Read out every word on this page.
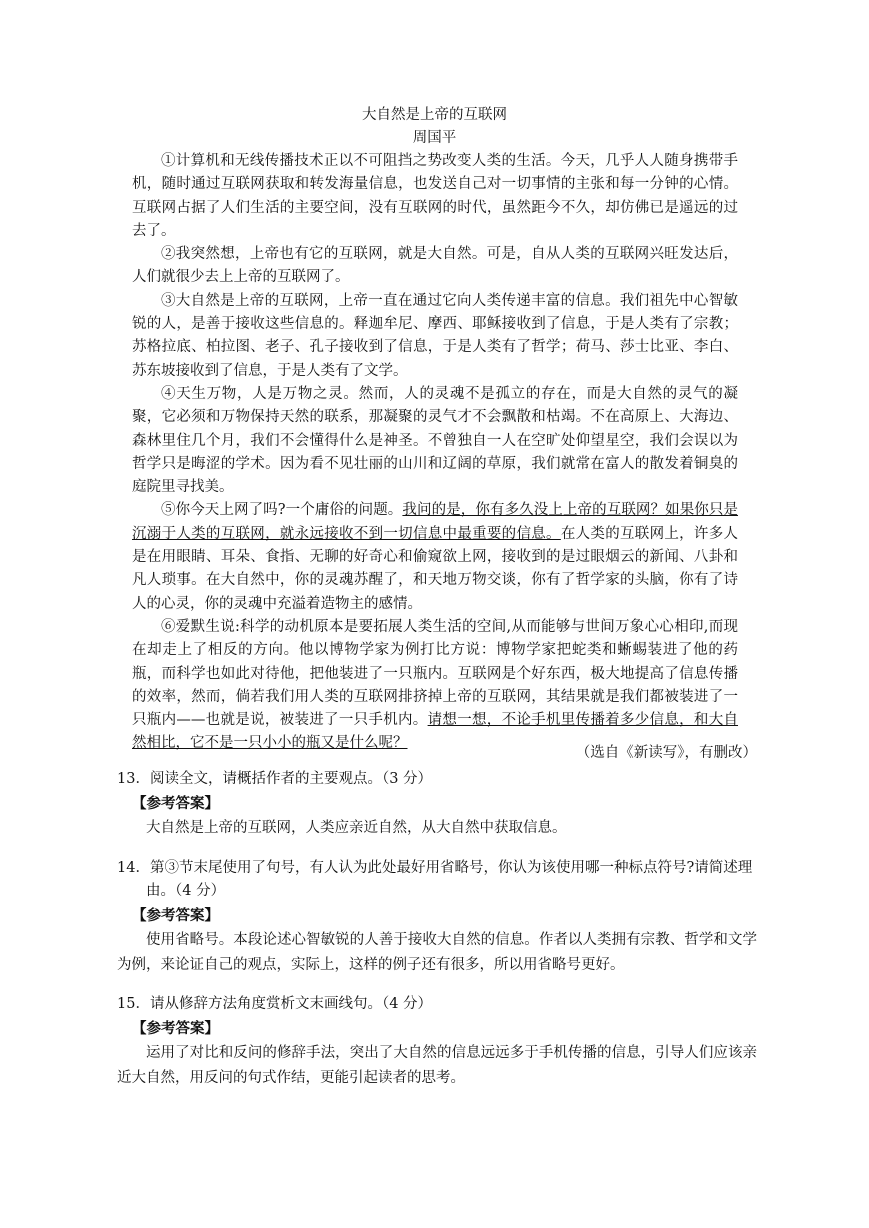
大自然是上帝的互联网
周国平

①计算机和无线传播技术正以不可阻挡之势改变人类的生活。今天，几乎人人随身携带手机，随时通过互联网获取和转发海量信息，也发送自己对一切事情的主张和每一分钟的心情。互联网占据了人们生活的主要空间，没有互联网的时代，虽然距今不久，却仿佛已是遥远的过去了。

②我突然想，上帝也有它的互联网，就是大自然。可是，自从人类的互联网兴旺发达后，人们就很少去上上帝的互联网了。

③大自然是上帝的互联网，上帝一直在通过它向人类传递丰富的信息。我们祖先中心智敏锐的人，是善于接收这些信息的。释迦牟尼、摩西、耶稣接收到了信息，于是人类有了宗教；苏格拉底、柏拉图、老子、孔子接收到了信息，于是人类有了哲学；荷马、莎士比亚、李白、苏东坡接收到了信息，于是人类有了文学。

④天生万物，人是万物之灵。然而，人的灵魂不是孤立的存在，而是大自然的灵气的凝聚，它必须和万物保持天然的联系，那凝聚的灵气才不会飘散和枯竭。不在高原上、大海边、森林里住几个月，我们不会懂得什么是神圣。不曾独自一人在空旷处仰望星空，我们会误以为哲学只是晦涩的学术。因为看不见壮丽的山川和辽阔的草原，我们就常在富人的散发着铜臭的庭院里寻找美。

⑤你今天上网了吗?一个庸俗的问题。我问的是，你有多久没上上帝的互联网？如果你只是沉溺于人类的互联网，就永远接收不到一切信息中最重要的信息。在人类的互联网上，许多人是在用眼睛、耳朵、食指、无聊的好奇心和偷窥欲上网，接收到的是过眼烟云的新闻、八卦和凡人琐事。在大自然中，你的灵魂苏醒了，和天地万物交谈，你有了哲学家的头脑，你有了诗人的心灵，你的灵魂中充溢着造物主的感情。

⑥爱默生说:科学的动机原本是要拓展人类生活的空间,从而能够与世间万象心心相印,而现在却走上了相反的方向。他以博物学家为例打比方说：博物学家把蛇类和蜥蜴装进了他的药瓶，而科学也如此对待他，把他装进了一只瓶内。互联网是个好东西，极大地提高了信息传播的效率，然而，倘若我们用人类的互联网排挤掉上帝的互联网，其结果就是我们都被装进了一只瓶内——也就是说，被装进了一只手机内。请想一想，不论手机里传播着多少信息，和大自然相比，它不是一只小小的瓶又是什么呢？

（选自《新读写》，有删改）

13．阅读全文，请概括作者的主要观点。（3 分）

【参考答案】

大自然是上帝的互联网，人类应亲近自然，从大自然中获取信息。

14．第③节末尾使用了句号，有人认为此处最好用省略号，你认为该使用哪一种标点符号?请简述理由。（4 分）

【参考答案】

使用省略号。本段论述心智敏锐的人善于接收大自然的信息。作者以人类拥有宗教、哲学和文学为例，来论证自己的观点，实际上，这样的例子还有很多，所以用省略号更好。

15．请从修辞方法角度赏析文末画线句。（4 分）

【参考答案】

运用了对比和反问的修辞手法，突出了大自然的信息远远多于手机传播的信息，引导人们应该亲近大自然，用反问的句式作结，更能引起读者的思考。
